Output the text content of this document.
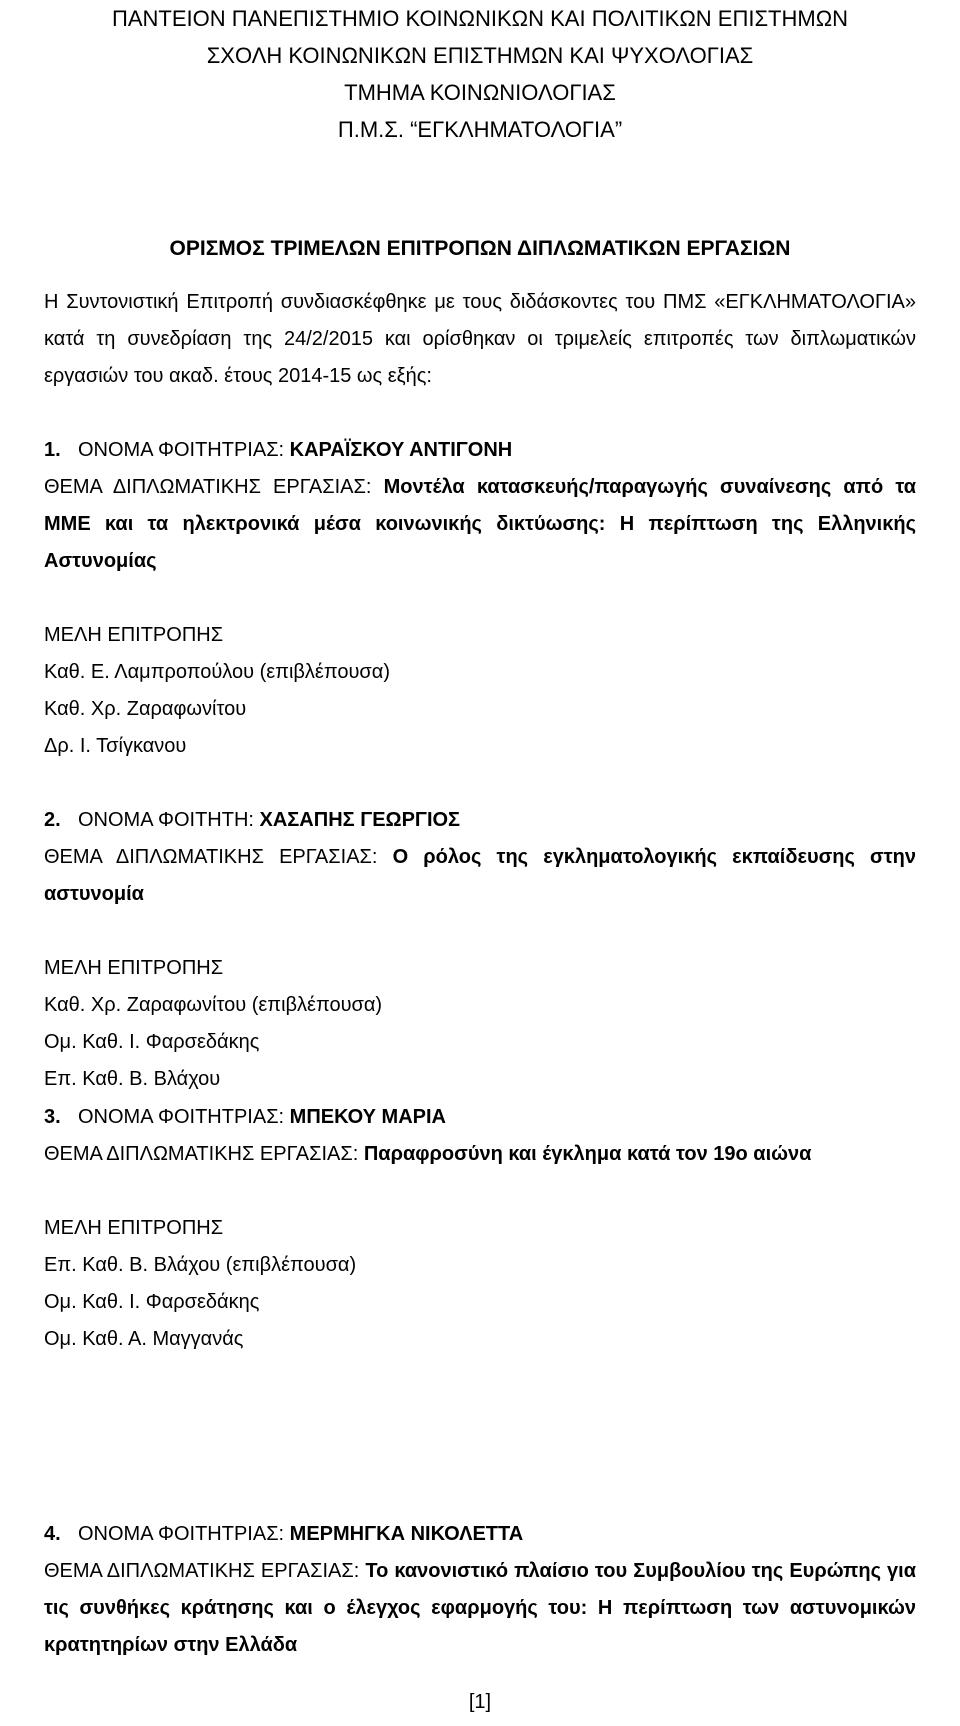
ΠΑΝΤΕΙΟΝ ΠΑΝΕΠΙΣΤΗΜΙΟ ΚΟΙΝΩΝΙΚΩΝ ΚΑΙ ΠΟΛΙΤΙΚΩΝ ΕΠΙΣΤΗΜΩΝ
ΣΧΟΛΗ ΚΟΙΝΩΝΙΚΩΝ ΕΠΙΣΤΗΜΩΝ ΚΑΙ ΨΥΧΟΛΟΓΙΑΣ
ΤΜΗΜΑ ΚΟΙΝΩΝΙΟΛΟΓΙΑΣ
Π.Μ.Σ. “ΕΓΚΛΗΜΑΤΟΛΟΓΙΑ”
ΟΡΙΣΜΟΣ ΤΡΙΜΕΛΩΝ ΕΠΙΤΡΟΠΩΝ ΔΙΠΛΩΜΑΤΙΚΩΝ ΕΡΓΑΣΙΩΝ
Η Συντονιστική Επιτροπή συνδιασκέφθηκε με τους διδάσκοντες του ΠΜΣ «ΕΓΚΛΗΜΑΤΟΛΟΓΙΑ» κατά τη συνεδρίαση της 24/2/2015 και ορίσθηκαν οι τριμελείς επιτροπές των διπλωματικών εργασιών του ακαδ. έτους 2014-15 ως εξής:
1. ΟΝΟΜΑ ΦΟΙΤΗΤΡΙΑΣ: ΚΑΡΑΪΣΚΟΥ ΑΝΤΙΓΟΝΗ
ΘΕΜΑ ΔΙΠΛΩΜΑΤΙΚΗΣ ΕΡΓΑΣΙΑΣ: Μοντέλα κατασκευής/παραγωγής συναίνεσης από τα ΜΜΕ και τα ηλεκτρονικά μέσα κοινωνικής δικτύωσης: Η περίπτωση της Ελληνικής Αστυνομίας
ΜΕΛΗ ΕΠΙΤΡΟΠΗΣ
Καθ. Ε. Λαμπροπούλου (επιβλέπουσα)
Καθ. Χρ. Ζαραφωνίτου
Δρ. Ι. Τσίγκανου
2. ΟΝΟΜΑ ΦΟΙΤΗΤΗ: ΧΑΣΑΠΗΣ ΓΕΩΡΓΙΟΣ
ΘΕΜΑ ΔΙΠΛΩΜΑΤΙΚΗΣ ΕΡΓΑΣΙΑΣ: Ο ρόλος της εγκληματολογικής εκπαίδευσης στην αστυνομία
ΜΕΛΗ ΕΠΙΤΡΟΠΗΣ
Καθ. Χρ. Ζαραφωνίτου (επιβλέπουσα)
Ομ. Καθ. Ι. Φαρσεδάκης
Επ. Καθ. Β. Βλάχου
3. ΟΝΟΜΑ ΦΟΙΤΗΤΡΙΑΣ: ΜΠΕΚΟΥ ΜΑΡΙΑ
ΘΕΜΑ ΔΙΠΛΩΜΑΤΙΚΗΣ ΕΡΓΑΣΙΑΣ: Παραφροσύνη και έγκλημα κατά τον 19ο αιώνα
ΜΕΛΗ ΕΠΙΤΡΟΠΗΣ
Επ. Καθ. Β. Βλάχου (επιβλέπουσα)
Ομ. Καθ. Ι. Φαρσεδάκης
Ομ. Καθ. Α. Μαγγανάς
4. ΟΝΟΜΑ ΦΟΙΤΗΤΡΙΑΣ: ΜΕΡΜΗΓΚΑ ΝΙΚΟΛΕΤΤΑ
ΘΕΜΑ ΔΙΠΛΩΜΑΤΙΚΗΣ ΕΡΓΑΣΙΑΣ: Το κανονιστικό πλαίσιο του Συμβουλίου της Ευρώπης για τις συνθήκες κράτησης και ο έλεγχος εφαρμογής του: Η περίπτωση των αστυνομικών κρατητηρίων στην Ελλάδα
[1]
